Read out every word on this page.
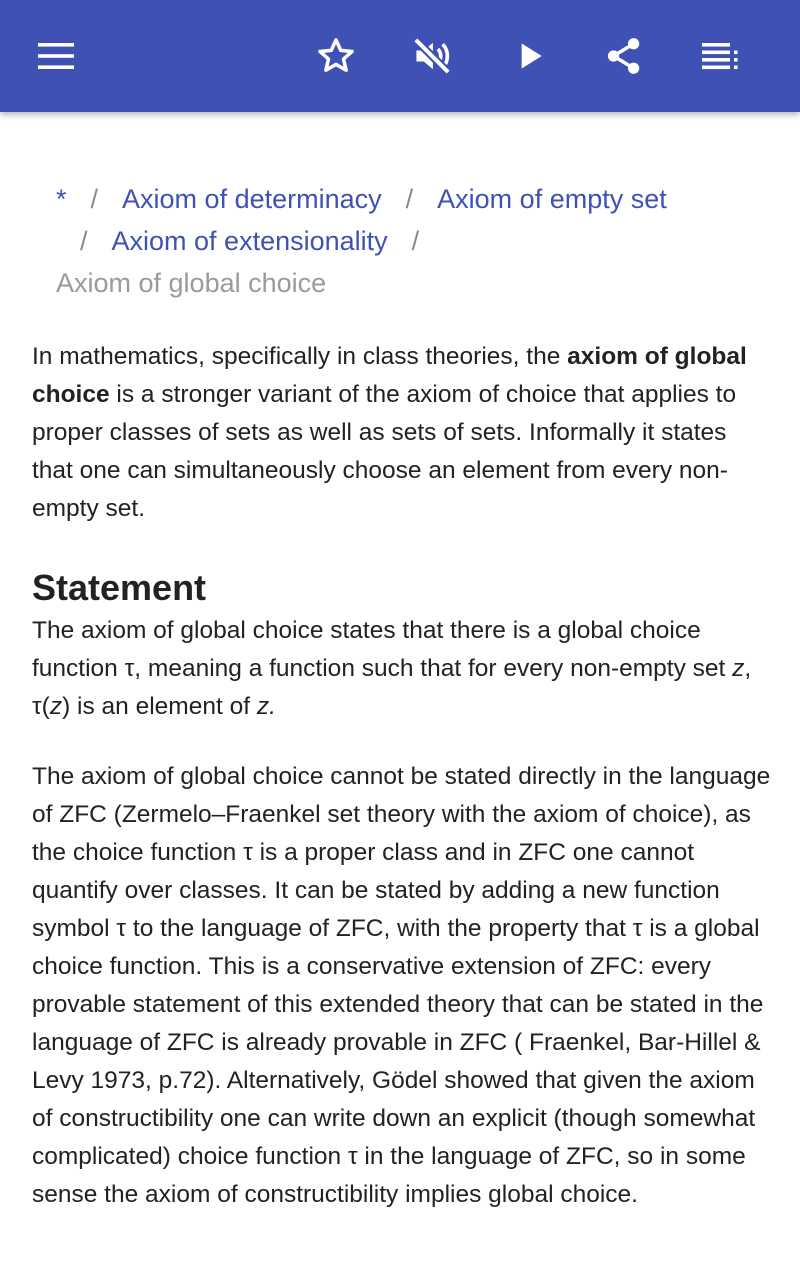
* / Axiom of determinacy / Axiom of empty set
/ Axiom of extensionality /
Axiom of global choice

In mathematics, specifically in class theories, the axiom of global choice is a stronger variant of the axiom of choice that applies to proper classes of sets as well as sets of sets. Informally it states that one can simultaneously choose an element from every non-empty set.

Statement

The axiom of global choice states that there is a global choice function τ, meaning a function such that for every non-empty set z, τ(z) is an element of z.

The axiom of global choice cannot be stated directly in the language of ZFC (Zermelo–Fraenkel set theory with the axiom of choice), as the choice function τ is a proper class and in ZFC one cannot quantify over classes. It can be stated by adding a new function symbol τ to the language of ZFC, with the property that τ is a global choice function. This is a conservative extension of ZFC: every provable statement of this extended theory that can be stated in the language of ZFC is already provable in ZFC ( Fraenkel, Bar-Hillel & Levy 1973, p.72). Alternatively, Gödel showed that given the axiom of constructibility one can write down an explicit (though somewhat complicated) choice function τ in the language of ZFC, so in some sense the axiom of constructibility implies global choice.
